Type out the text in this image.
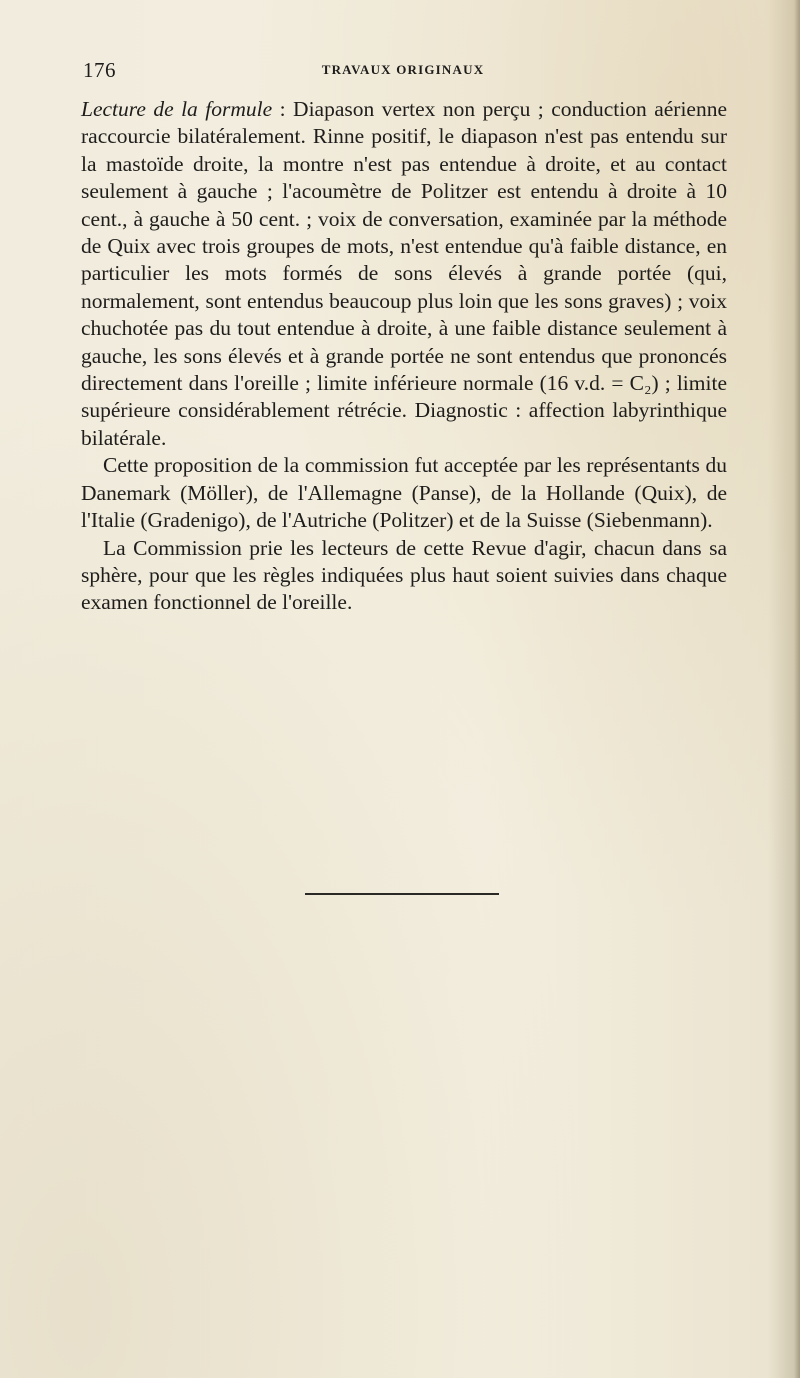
176	TRAVAUX ORIGINAUX

Lecture de la formule : Diapason vertex non perçu ; conduction aérienne raccourcie bilatéralement. Rinne positif, le diapason n'est pas entendu sur la mastoïde droite, la montre n'est pas entendue à droite, et au contact seulement à gauche ; l'acoumètre de Politzer est entendu à droite à 10 cent., à gauche à 50 cent. ; voix de conversation, examinée par la méthode de Quix avec trois groupes de mots, n'est entendue qu'à faible distance, en particulier les mots formés de sons élevés à grande portée (qui, normalement, sont entendus beaucoup plus loin que les sons graves) ; voix chuchotée pas du tout entendue à droite, à une faible distance seulement à gauche, les sons élevés et à grande portée ne sont entendus que prononcés directement dans l'oreille ; limite inférieure normale (16 v.d. = C₂) ; limite supérieure considérablement rétrécie. Diagnostic : affection labyrinthique bilatérale.

Cette proposition de la commission fut acceptée par les représentants du Danemark (Möller), de l'Allemagne (Panse), de la Hollande (Quix), de l'Italie (Gradenigo), de l'Autriche (Politzer) et de la Suisse (Siebenmann).

La Commission prie les lecteurs de cette Revue d'agir, chacun dans sa sphère, pour que les règles indiquées plus haut soient suivies dans chaque examen fonctionnel de l'oreille.
